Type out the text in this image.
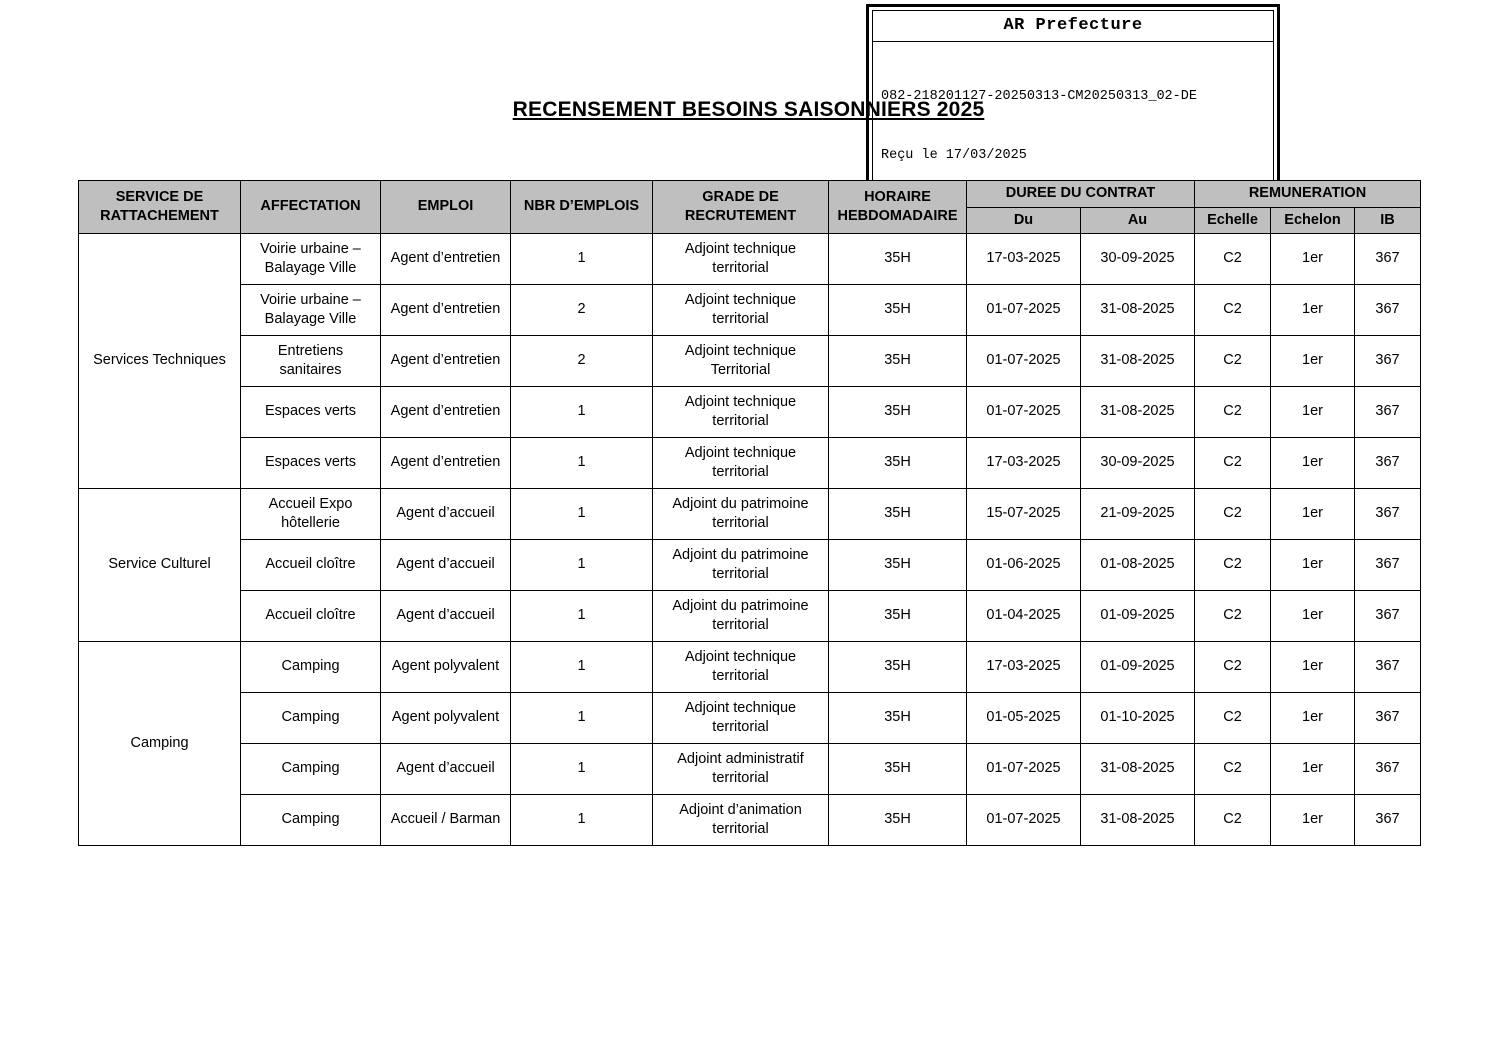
AR Prefecture

082-218201127-20250313-CM20250313_02-DE

Reçu le 17/03/2025

RECENSEMENT BESOINS SAISONNIERS 2025
SERVICE DE RATTACHEMENT	AFFECTATION	EMPLOI	NBR D’EMPLOIS	GRADE DE RECRUTEMENT	HORAIRE HEBDOMADAIRE	DUREE DU CONTRAT		REMUNERATION		
						Du	Au	Echelle	Echelon	IB
Services Techniques	Voirie urbaine – Balayage Ville	Agent d’entretien	1	Adjoint technique territorial	35H	17-03-2025	30-09-2025	C2	1er	367
	Voirie urbaine – Balayage Ville	Agent d’entretien	2	Adjoint technique territorial	35H	01-07-2025	31-08-2025	C2	1er	367
	Entretiens sanitaires	Agent d’entretien	2	Adjoint technique Territorial	35H	01-07-2025	31-08-2025	C2	1er	367
	Espaces verts	Agent d’entretien	1	Adjoint technique territorial	35H	01-07-2025	31-08-2025	C2	1er	367
	Espaces verts	Agent d’entretien	1	Adjoint technique territorial	35H	17-03-2025	30-09-2025	C2	1er	367
Service Culturel	Accueil Expo hôtellerie	Agent d’accueil	1	Adjoint du patrimoine territorial	35H	15-07-2025	21-09-2025	C2	1er	367
	Accueil cloître	Agent d’accueil	1	Adjoint du patrimoine territorial	35H	01-06-2025	01-08-2025	C2	1er	367
	Accueil cloître	Agent d’accueil	1	Adjoint du patrimoine territorial	35H	01-04-2025	01-09-2025	C2	1er	367
Camping	Camping	Agent polyvalent	1	Adjoint technique territorial	35H	17-03-2025	01-09-2025	C2	1er	367
	Camping	Agent polyvalent	1	Adjoint technique territorial	35H	01-05-2025	01-10-2025	C2	1er	367
	Camping	Agent d’accueil	1	Adjoint administratif territorial	35H	01-07-2025	31-08-2025	C2	1er	367
	Camping	Accueil / Barman	1	Adjoint d’animation territorial	35H	01-07-2025	31-08-2025	C2	1er	367
